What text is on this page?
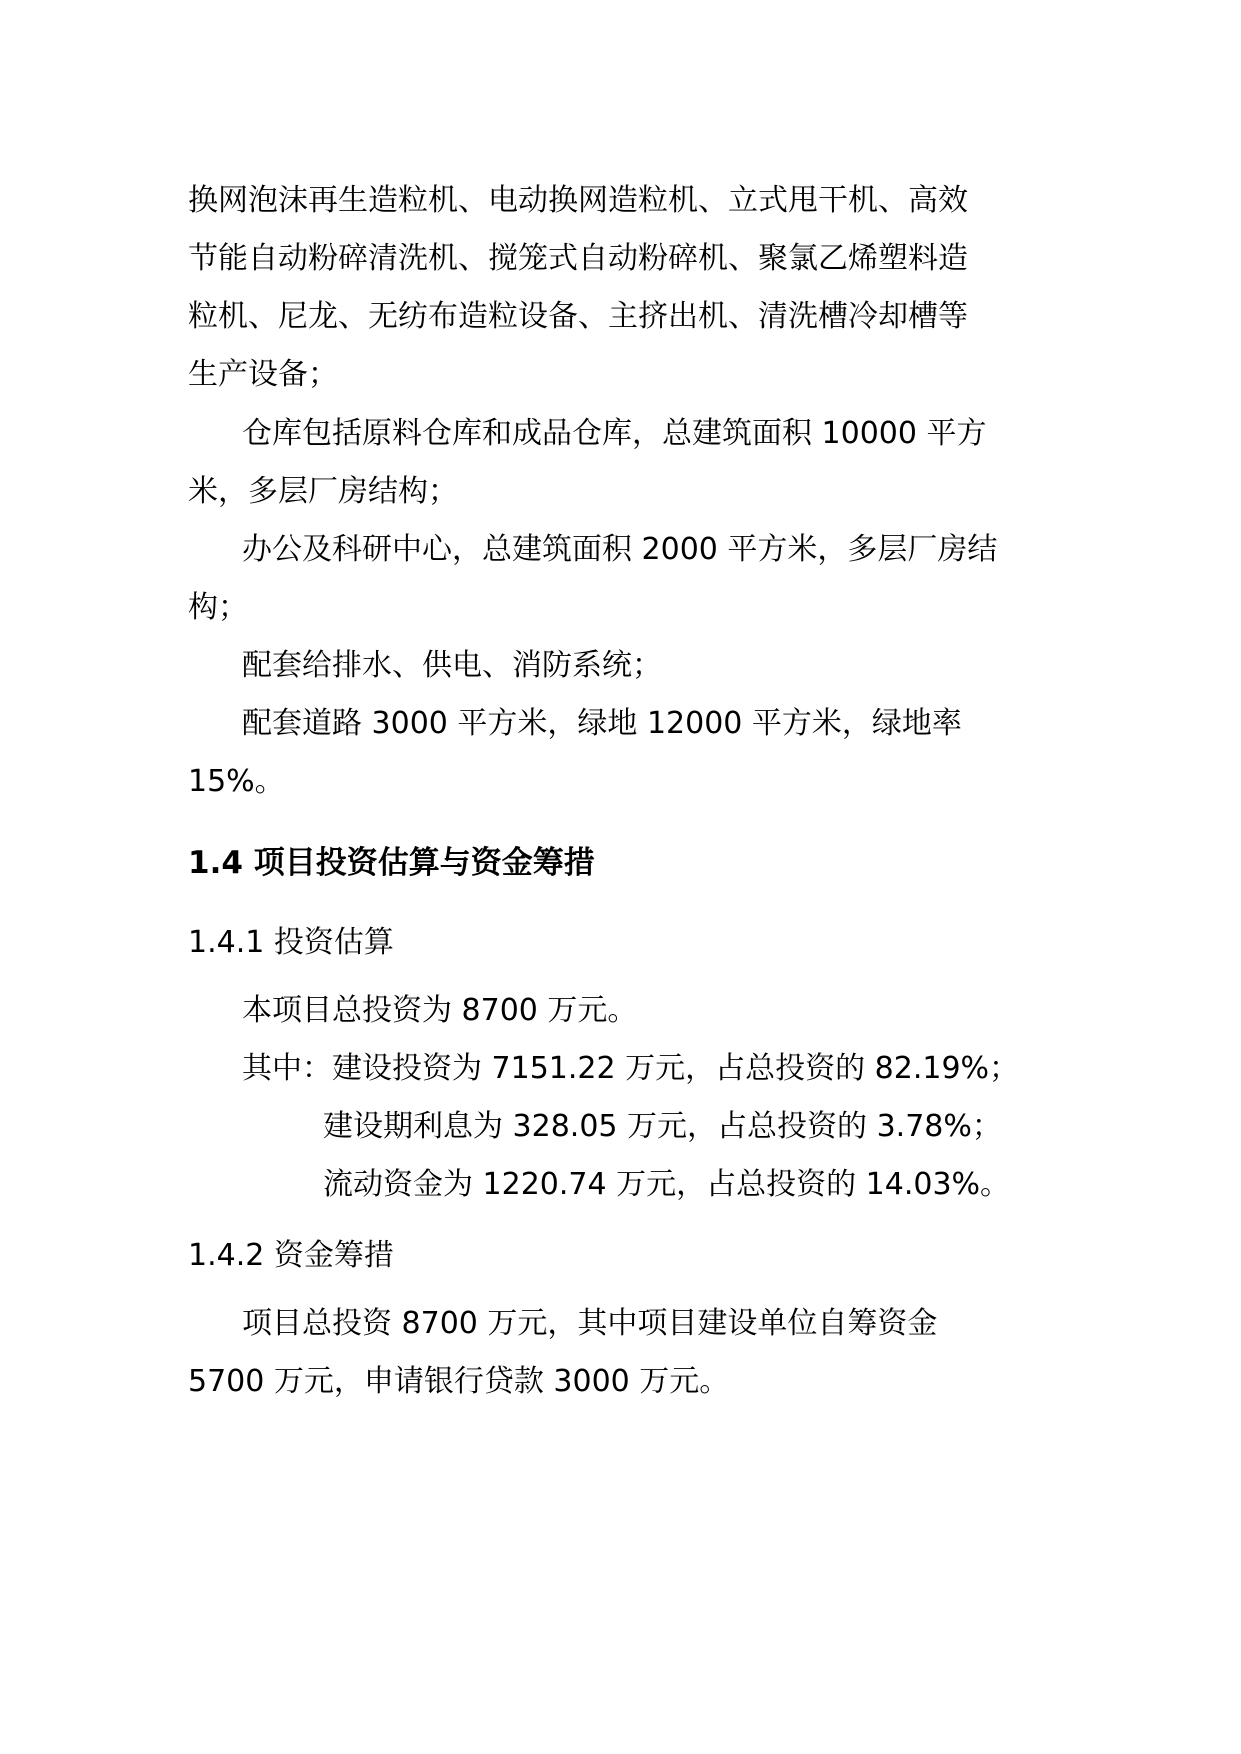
换网泡沫再生造粒机、电动换网造粒机、立式甩干机、高效
节能自动粉碎清洗机、搅笼式自动粉碎机、聚氯乙烯塑料造
粒机、尼龙、无纺布造粒设备、主挤出机、清洗槽冷却槽等
生产设备；
仓库包括原料仓库和成品仓库，总建筑面积 10000 平方
米，多层厂房结构；
办公及科研中心，总建筑面积 2000 平方米，多层厂房结
构；
配套给排水、供电、消防系统；
配套道路 3000 平方米，绿地 12000 平方米，绿地率
15%。
1.4 项目投资估算与资金筹措
1.4.1 投资估算
本项目总投资为 8700 万元。
其中：建设投资为 7151.22 万元，占总投资的 82.19%；
建设期利息为 328.05 万元，占总投资的 3.78%；
流动资金为 1220.74 万元，占总投资的 14.03%。
1.4.2 资金筹措
项目总投资 8700 万元，其中项目建设单位自筹资金
5700 万元，申请银行贷款 3000 万元。
